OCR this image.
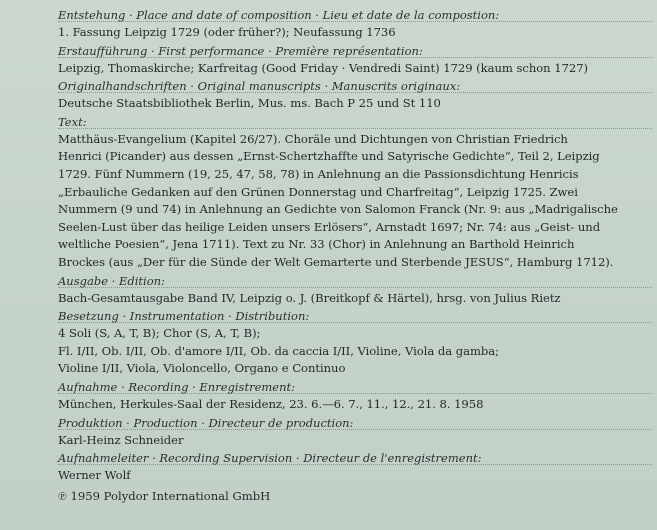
Entstehung · Place and date of composition · Lieu et date de la compostion:
1. Fassung Leipzig 1729 (oder früher?); Neufassung 1736
Erstaufführung · First performance · Première représentation:
Leipzig, Thomaskirche; Karfreitag (Good Friday · Vendredi Saint) 1729 (kaum schon 1727)
Originalhandschriften · Original manuscripts · Manuscrits originaux:
Deutsche Staatsbibliothek Berlin, Mus. ms. Bach P 25 und St 110
Text:
Matthäus-Evangelium (Kapitel 26/27). Choräle und Dichtungen von Christian Friedrich
Henrici (Picander) aus dessen „Ernst-Schertzhaffte und Satyrische Gedichte“, Teil 2, Leipzig
1729. Fünf Nummern (19, 25, 47, 58, 78) in Anlehnung an die Passionsdichtung Henricis
„Erbauliche Gedanken auf den Grünen Donnerstag und Charfreitag“, Leipzig 1725. Zwei
Nummern (9 und 74) in Anlehnung an Gedichte von Salomon Franck (Nr. 9: aus „Madrigalische
Seelen-Lust über das heilige Leiden unsers Erlösers“, Arnstadt 1697; Nr. 74: aus „Geist- und
weltliche Poesien“, Jena 1711). Text zu Nr. 33 (Chor) in Anlehnung an Barthold Heinrich
Brockes (aus „Der für die Sünde der Welt Gemarterte und Sterbende JESUS“, Hamburg 1712).
Ausgabe · Edition:
Bach-Gesamtausgabe Band IV, Leipzig o. J. (Breitkopf & Härtel), hrsg. von Julius Rietz
Besetzung · Instrumentation · Distribution:
4 Soli (S, A, T, B); Chor (S, A, T, B);
Fl. I/II, Ob. I/II, Ob. d'amore I/II, Ob. da caccia I/II, Violine, Viola da gamba;
Violine I/II, Viola, Violoncello, Organo e Continuo
Aufnahme · Recording · Enregistrement:
München, Herkules-Saal der Residenz, 23. 6.—6. 7., 11., 12., 21. 8. 1958
Produktion · Production · Directeur de production:
Karl-Heinz Schneider
Aufnahmeleiter · Recording Supervision · Directeur de l'enregistrement:
Werner Wolf
℗ 1959 Polydor International GmbH
